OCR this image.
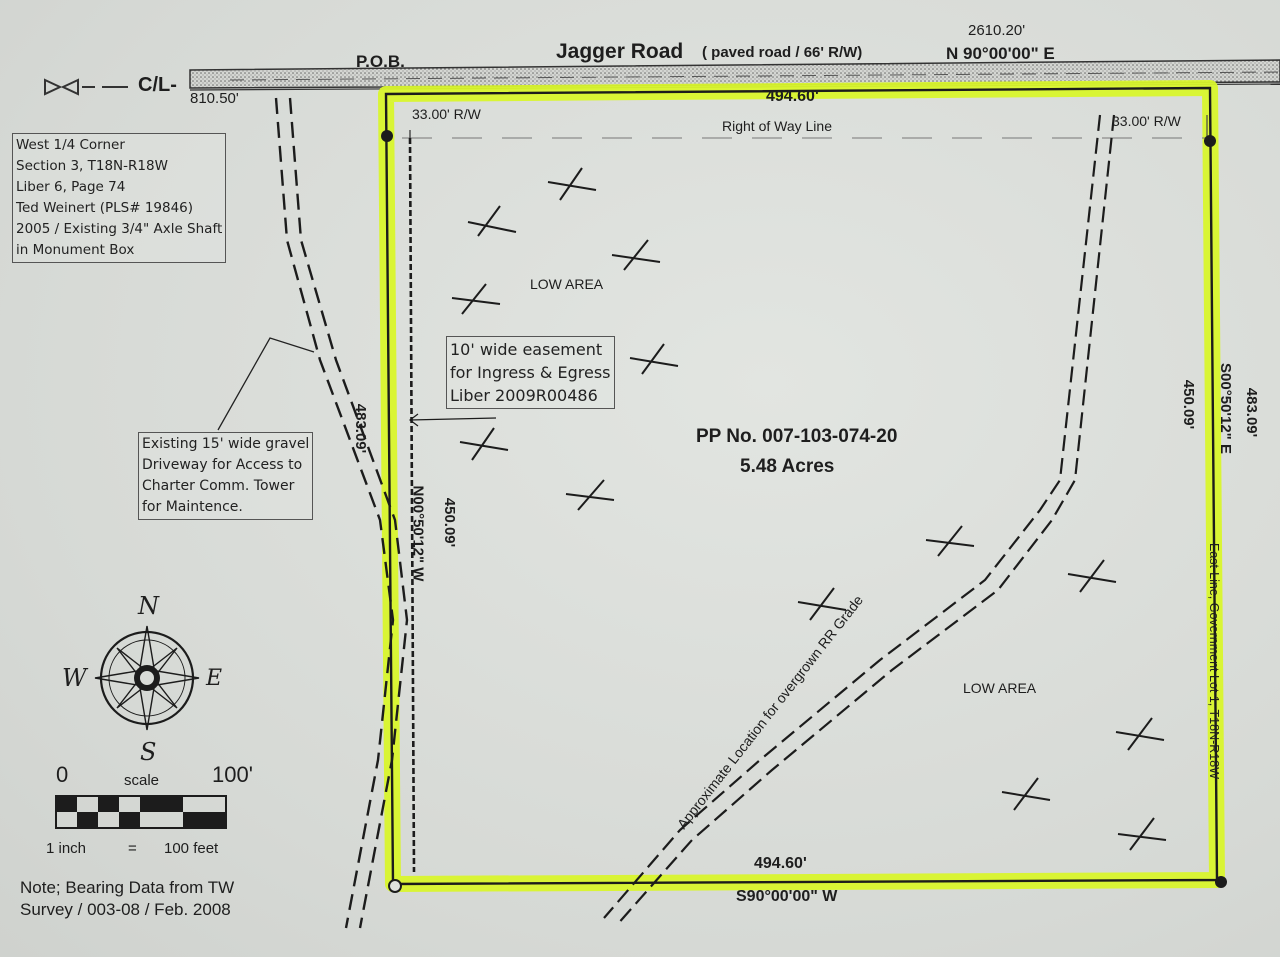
Jagger Road ( paved road / 66' R/W)
2610.20'
N 90°00'00" E
C/L-
P.O.B.
810.50'	494.60'
33.00' R/W	33.00' R/W
Right of Way Line
494.60'
S90°00'00" W
483.09'
450.09'
N00°50'12" W
450.09' S00°50'12" E 483.09'
East-Line, Government Lot 1, T18N-R18W
PP No. 007-103-074-20
5.48 Acres
LOW AREA
LOW AREA
Approximate Location for overgrown RR Grade
West 1/4 Corner
Section 3, T18N-R18W
Liber 6, Page 74
Ted Weinert (PLS# 19846)
2005 / Existing 3/4" Axle Shaft
in Monument Box
10' wide easement
for Ingress & Egress
Liber 2009R00486
Existing 15' wide gravel
Driveway for Access to
Charter Comm. Tower
for Maintence.
N
S
E
W
0	scale 100'
1 inch	= 100 feet
Note; Bearing Data from TW
Survey / 003-08 / Feb. 2008
